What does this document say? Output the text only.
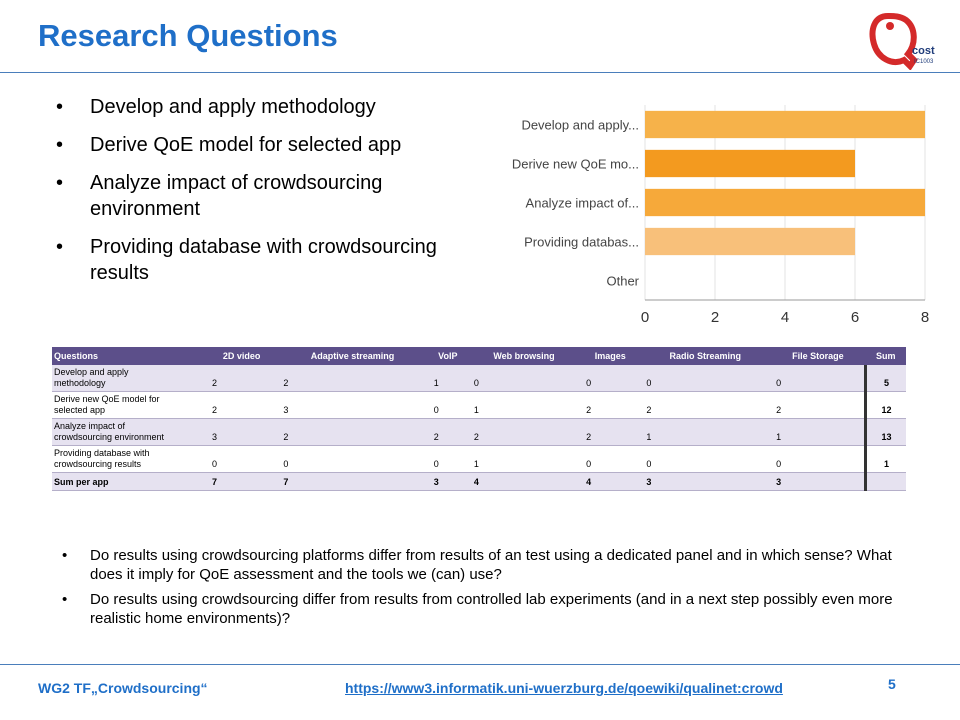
Research Questions	cost
IC1003
• Develop and apply methodology
• Derive QoE model for selected app
• Analyze impact of crowdsourcing environment
• Providing database with crowdsourcing results
0	2	4	6	8
Develop and apply...
Derive new QoE mo...
Analyze impact of...
Providing databas...
Other
Questions	2D video	Adaptive streaming	VoIP	Web browsing	Images	Radio Streaming	File Storage	Sum
Develop and apply
methodology	2	2	1	0	0	0	0	5
Derive new QoE model for
selected app	2	3	0	1	2	2	2	12
Analyze impact of
crowdsourcing environment	3	2	2	2	2	1	1	13
Providing database with
crowdsourcing results	0	0	0	1	0	0	0	1
Sum per app	7	7	3	4	4	3	3	
• Do results using crowdsourcing platforms differ from results of an test using a dedicated panel and in which sense? What does it imply for QoE assessment and the tools we (can) use?
• Do results using crowdsourcing differ from results from controlled lab experiments (and in a next step possibly even more realistic home environments)?
WG2 TF„Crowdsourcing“	https://www3.informatik.uni-wuerzburg.de/qoewiki/qualinet:crowd	5
